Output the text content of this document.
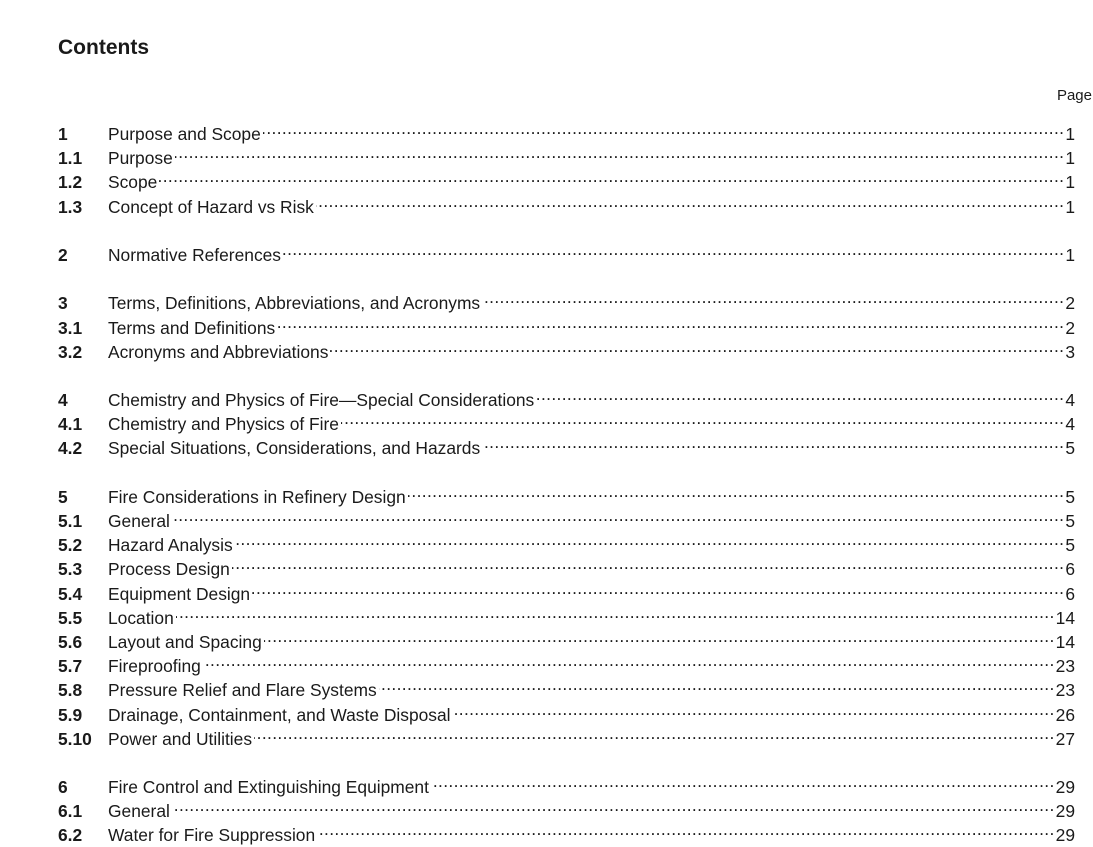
Contents
Page
1	Purpose and Scope .....	1
1.1	Purpose .....	1
1.2	Scope .....	1
1.3	Concept of Hazard vs Risk .....	1
2	Normative References .....	1
3	Terms, Definitions, Abbreviations, and Acronyms .....	2
3.1	Terms and Definitions .....	2
3.2	Acronyms and Abbreviations .....	3
4	Chemistry and Physics of Fire—Special Considerations .....	4
4.1	Chemistry and Physics of Fire .....	4
4.2	Special Situations, Considerations, and Hazards .....	5
5	Fire Considerations in Refinery Design .....	5
5.1	General .....	5
5.2	Hazard Analysis .....	5
5.3	Process Design .....	6
5.4	Equipment Design .....	6
5.5	Location .....	14
5.6	Layout and Spacing .....	14
5.7	Fireproofing .....	23
5.8	Pressure Relief and Flare Systems .....	23
5.9	Drainage, Containment, and Waste Disposal .....	26
5.10 Power and Utilities .....	27
6	Fire Control and Extinguishing Equipment .....	29
6.1	General .....	29
6.2	Water for Fire Suppression .....	29
